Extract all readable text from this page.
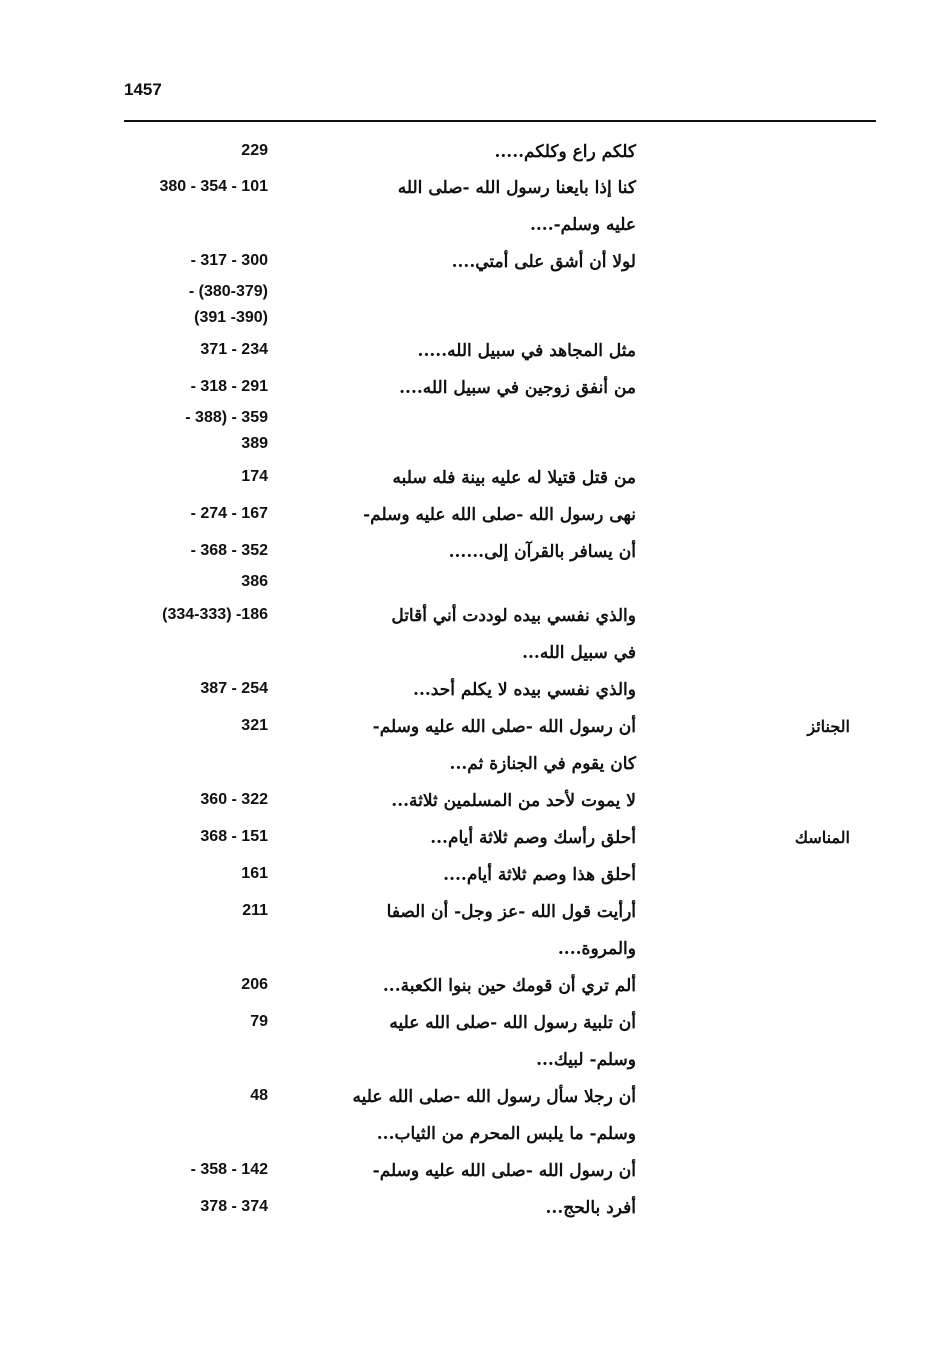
1457
كلكم راع وكلكم.....
229
كنا إذا بايعنا رسول الله -صلى الله
380 - 354 - 101
عليه وسلم-....
لولا أن أشق على أمتي....
- 317 - 300
- (380-379)
(391 -390)
مثل المجاهد في سبيل الله.....
371 - 234
من أنفق زوجين في سبيل الله....
- 318 - 291
- 388) - 359
389
من قتل قتيلا له عليه بينة فله سلبه
174
نهى رسول الله -صلى الله عليه وسلم-
- 274 - 167
أن يسافر بالقرآن إلى......
- 368 - 352
386
والذي نفسي بيده لوددت أني أقاتل
(334-333) -186
في سبيل الله...
والذي نفسي بيده لا يكلم أحد...
387 - 254
الجنائز
أن رسول الله -صلى الله عليه وسلم-
321
كان يقوم في الجنازة ثم...
لا يموت لأحد من المسلمين ثلاثة...
360 - 322
المناسك
أحلق رأسك وصم ثلاثة أيام...
368 - 151
أحلق هذا وصم ثلاثة أيام....
161
أرأيت قول الله -عز وجل- أن الصفا
211
والمروة....
ألم تري أن قومك حين بنوا الكعبة...
206
أن تلبية رسول الله -صلى الله عليه
79
وسلم- لبيك...
أن رجلا سأل رسول الله -صلى الله عليه
48
وسلم- ما يلبس المحرم من الثياب...
أن رسول الله -صلى الله عليه وسلم-
- 358 - 142
أفرد بالحج...
378 - 374
